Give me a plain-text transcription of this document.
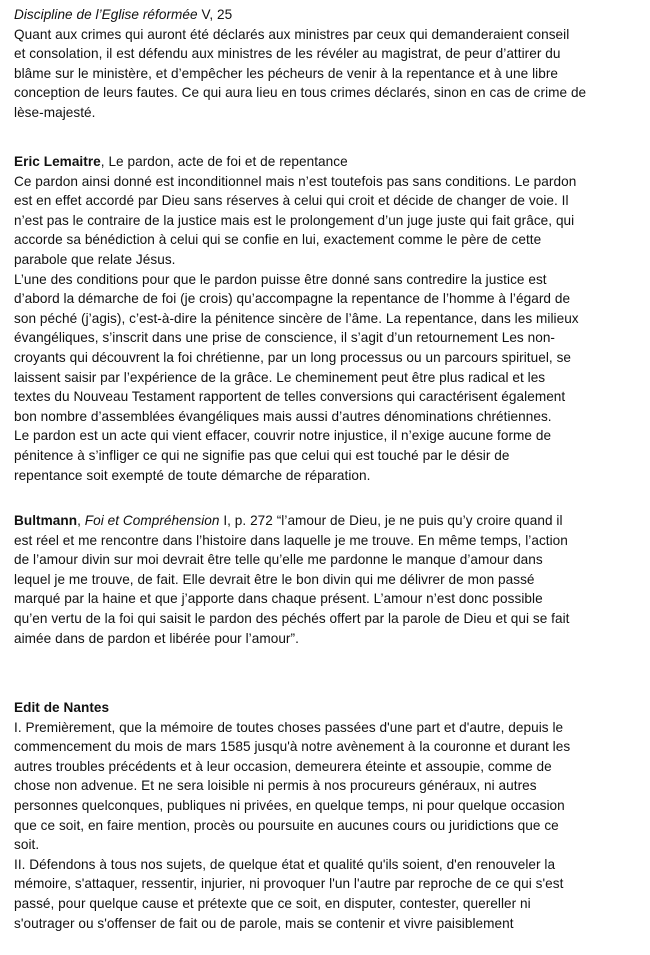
Discipline de l’Eglise réformée V, 25
Quant aux crimes qui auront été déclarés aux ministres par ceux qui demanderaient conseil
et consolation, il est défendu aux ministres de les révéler au magistrat, de peur d’attirer du
blâme sur le ministère, et d’empêcher les pécheurs de venir à la repentance et à une libre
conception de leurs fautes. Ce qui aura lieu en tous crimes déclarés, sinon en cas de crime de
lèse-majesté.
Eric Lemaitre, Le pardon, acte de foi et de repentance
Ce pardon ainsi donné est inconditionnel mais n’est toutefois pas sans conditions. Le pardon
est en effet accordé par Dieu sans réserves à celui qui croit et décide de changer de voie. Il
n’est pas le contraire de la justice mais est le prolongement d’un juge juste qui fait grâce, qui
accorde sa bénédiction à celui qui se confie en lui, exactement comme le père de cette
parabole que relate Jésus.
L’une des conditions pour que le pardon puisse être donné sans contredire la justice est
d’abord la démarche de foi (je crois) qu’accompagne la repentance de l’homme à l’égard de
son péché (j’agis), c’est-à-dire la pénitence sincère de l’âme. La repentance, dans les milieux
évangéliques, s’inscrit dans une prise de conscience, il s’agit d’un retournement Les non-
croyants qui découvrent la foi chrétienne, par un long processus ou un parcours spirituel, se
laissent saisir par l’expérience de la grâce. Le cheminement peut être plus radical et les
textes du Nouveau Testament rapportent de telles conversions qui caractérisent également
bon nombre d’assemblées évangéliques mais aussi d’autres dénominations chrétiennes.
Le pardon est un acte qui vient effacer, couvrir notre injustice, il n’exige aucune forme de
pénitence à s’infliger ce qui ne signifie pas que celui qui est touché par le désir de
repentance soit exempté de toute démarche de réparation.
Bultmann, Foi et Compréhension I, p. 272 “l’amour de Dieu, je ne puis qu’y croire quand il
est réel et me rencontre dans l’histoire dans laquelle je me trouve. En même temps, l’action
de l’amour divin sur moi devrait être telle qu’elle me pardonne le manque d’amour dans
lequel je me trouve, de fait. Elle devrait être le bon divin qui me délivrer de mon passé
marqué par la haine et que j’apporte dans chaque présent. L’amour n’est donc possible
qu’en vertu de la foi qui saisit le pardon des péchés offert par la parole de Dieu et qui se fait
aimée dans de pardon et libérée pour l’amour”.
Edit de Nantes
I. Premièrement, que la mémoire de toutes choses passées d'une part et d'autre, depuis le
commencement du mois de mars 1585 jusqu'à notre avènement à la couronne et durant les
autres troubles précédents et à leur occasion, demeurera éteinte et assoupie, comme de
chose non advenue. Et ne sera loisible ni permis à nos procureurs généraux, ni autres
personnes quelconques, publiques ni privées, en quelque temps, ni pour quelque occasion
que ce soit, en faire mention, procès ou poursuite en aucunes cours ou juridictions que ce
soit.
II. Défendons à tous nos sujets, de quelque état et qualité qu'ils soient, d'en renouveler la
mémoire, s'attaquer, ressentir, injurier, ni provoquer l'un l'autre par reproche de ce qui s'est
passé, pour quelque cause et prétexte que ce soit, en disputer, contester, quereller ni
s'outrager ou s'offenser de fait ou de parole, mais se contenir et vivre paisiblement
